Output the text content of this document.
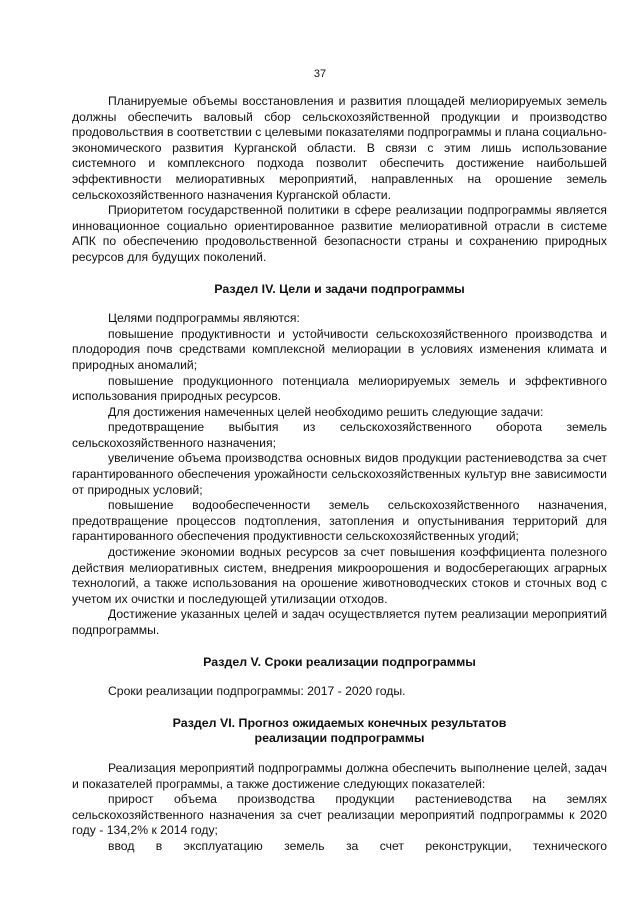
37

Планируемые объемы восстановления и развития площадей мелиорируемых земель должны обеспечить валовый сбор сельскохозяйственной продукции и производство продовольствия в соответствии с целевыми показателями подпрограммы и плана социально-экономического развития Курганской области. В связи с этим лишь использование системного и комплексного подхода позволит обеспечить достижение наибольшей эффективности мелиоративных мероприятий, направленных на орошение земель сельскохозяйственного назначения Курганской области.

Приоритетом государственной политики в сфере реализации подпрограммы является инновационное социально ориентированное развитие мелиоративной отрасли в системе АПК по обеспечению продовольственной безопасности страны и сохранению природных ресурсов для будущих поколений.

Раздел IV. Цели и задачи подпрограммы

Целями подпрограммы являются:

повышение продуктивности и устойчивости сельскохозяйственного производства и плодородия почв средствами комплексной мелиорации в условиях изменения климата и природных аномалий;

повышение продукционного потенциала мелиорируемых земель и эффективного использования природных ресурсов.

Для достижения намеченных целей необходимо решить следующие задачи:

предотвращение выбытия из сельскохозяйственного оборота земель сельскохозяйственного назначения;

увеличение объема производства основных видов продукции растениеводства за счет гарантированного обеспечения урожайности сельскохозяйственных культур вне зависимости от природных условий;

повышение водообеспеченности земель сельскохозяйственного назначения, предотвращение процессов подтопления, затопления и опустынивания территорий для гарантированного обеспечения продуктивности сельскохозяйственных угодий;

достижение экономии водных ресурсов за счет повышения коэффициента полезного действия мелиоративных систем, внедрения микроорошения и водосберегающих аграрных технологий, а также использования на орошение животноводческих стоков и сточных вод с учетом их очистки и последующей утилизации отходов.

Достижение указанных целей и задач осуществляется путем реализации мероприятий подпрограммы.

Раздел V. Сроки реализации подпрограммы

Сроки реализации подпрограммы: 2017 - 2020 годы.

Раздел VI. Прогноз ожидаемых конечных результатов
реализации подпрограммы

Реализация мероприятий подпрограммы должна обеспечить выполнение целей, задач и показателей программы, а также достижение следующих показателей:

прирост объема производства продукции растениеводства на землях сельскохозяйственного назначения за счет реализации мероприятий подпрограммы к 2020 году - 134,2% к 2014 году;

ввод в эксплуатацию земель за счет реконструкции, технического
